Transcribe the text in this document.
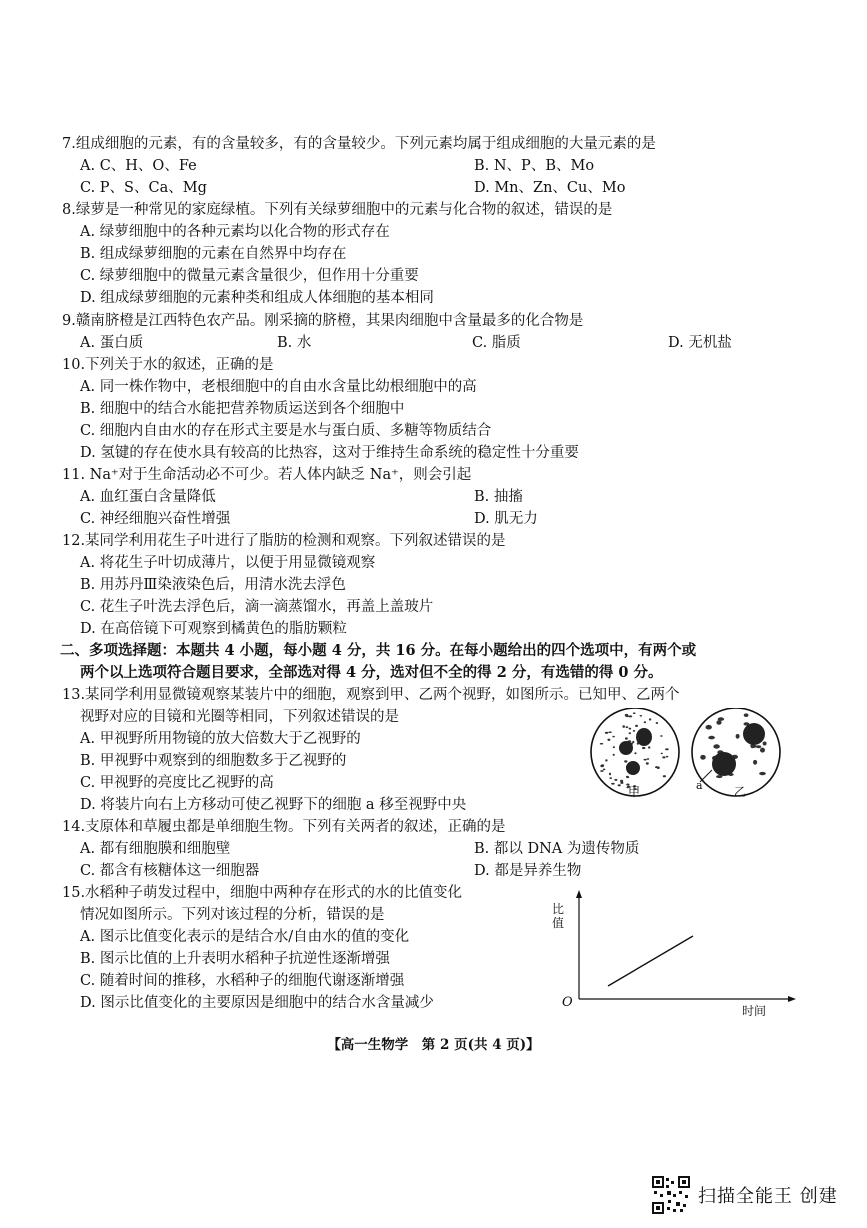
7.组成细胞的元素，有的含量较多，有的含量较少。下列元素均属于组成细胞的大量元素的是
A. C、H、O、Fe	B. N、P、B、Mo
C. P、S、Ca、Mg	D. Mn、Zn、Cu、Mo
8.绿萝是一种常见的家庭绿植。下列有关绿萝细胞中的元素与化合物的叙述，错误的是
A. 绿萝细胞中的各种元素均以化合物的形式存在
B. 组成绿萝细胞的元素在自然界中均存在
C. 绿萝细胞中的微量元素含量很少，但作用十分重要
D. 组成绿萝细胞的元素种类和组成人体细胞的基本相同
9.赣南脐橙是江西特色农产品。刚采摘的脐橙，其果肉细胞中含量最多的化合物是
A. 蛋白质	B. 水	C. 脂质	D. 无机盐
10.下列关于水的叙述，正确的是
A. 同一株作物中，老根细胞中的自由水含量比幼根细胞中的高
B. 细胞中的结合水能把营养物质运送到各个细胞中
C. 细胞内自由水的存在形式主要是水与蛋白质、多糖等物质结合
D. 氢键的存在使水具有较高的比热容，这对于维持生命系统的稳定性十分重要
11. Na⁺对于生命活动必不可少。若人体内缺乏 Na⁺，则会引起
A. 血红蛋白含量降低	B. 抽搐
C. 神经细胞兴奋性增强	D. 肌无力
12.某同学利用花生子叶进行了脂肪的检测和观察。下列叙述错误的是
A. 将花生子叶切成薄片，以便于用显微镜观察
B. 用苏丹Ⅲ染液染色后，用清水洗去浮色
C. 花生子叶洗去浮色后，滴一滴蒸馏水，再盖上盖玻片
D. 在高倍镜下可观察到橘黄色的脂肪颗粒
二、多项选择题：本题共 4 小题，每小题 4 分，共 16 分。在每小题给出的四个选项中，有两个或
两个以上选项符合题目要求，全部选对得 4 分，选对但不全的得 2 分，有选错的得 0 分。
13.某同学利用显微镜观察某装片中的细胞，观察到甲、乙两个视野，如图所示。已知甲、乙两个
视野对应的目镜和光圈等相同，下列叙述错误的是
A. 甲视野所用物镜的放大倍数大于乙视野的
B. 甲视野中观察到的细胞数多于乙视野的
C. 甲视野的亮度比乙视野的高
D. 将装片向右上方移动可使乙视野下的细胞 a 移至视野中央
a
甲	乙
14.支原体和草履虫都是单细胞生物。下列有关两者的叙述，正确的是
A. 都有细胞膜和细胞壁	B. 都以 DNA 为遗传物质
C. 都含有核糖体这一细胞器	D. 都是异养生物
15.水稻种子萌发过程中，细胞中两种存在形式的水的比值变化
情况如图所示。下列对该过程的分析，错误的是
A. 图示比值变化表示的是结合水/自由水的值的变化
B. 图示比值的上升表明水稻种子抗逆性逐渐增强
C. 随着时间的推移，水稻种子的细胞代谢逐渐增强
D. 图示比值变化的主要原因是细胞中的结合水含量减少
比值
O
时间
【高一生物学　第 2 页(共 4 页)】
扫描全能王 创建
